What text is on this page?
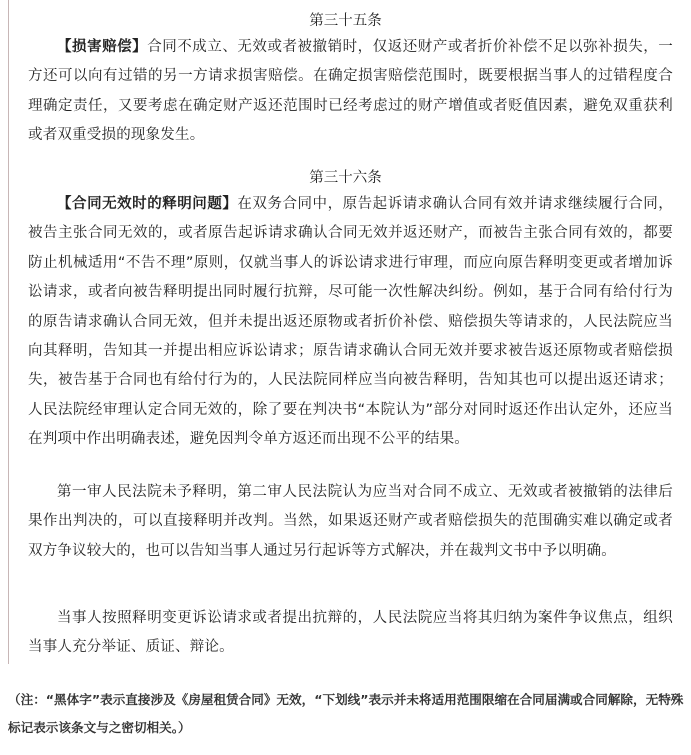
第三十五条

【损害赔偿】合同不成立、无效或者被撤销时，仅返还财产或者折价补偿不足以弥补损失，一方还可以向有过错的另一方请求损害赔偿。在确定损害赔偿范围时，既要根据当事人的过错程度合理确定责任，又要考虑在确定财产返还范围时已经考虑过的财产增值或者贬值因素，避免双重获利或者双重受损的现象发生。

第三十六条

【合同无效时的释明问题】在双务合同中，原告起诉请求确认合同有效并请求继续履行合同，被告主张合同无效的，或者原告起诉请求确认合同无效并返还财产，而被告主张合同有效的，都要防止机械适用“不告不理”原则，仅就当事人的诉讼请求进行审理，而应向原告释明变更或者增加诉讼请求，或者向被告释明提出同时履行抗辩，尽可能一次性解决纠纷。例如，基于合同有给付行为的原告请求确认合同无效，但并未提出返还原物或者折价补偿、赔偿损失等请求的，人民法院应当向其释明，告知其一并提出相应诉讼请求；原告请求确认合同无效并要求被告返还原物或者赔偿损失，被告基于合同也有给付行为的，人民法院同样应当向被告释明，告知其也可以提出返还请求；人民法院经审理认定合同无效的，除了要在判决书“本院认为”部分对同时返还作出认定外，还应当在判项中作出明确表述，避免因判令单方返还而出现不公平的结果。

第一审人民法院未予释明，第二审人民法院认为应当对合同不成立、无效或者被撤销的法律后果作出判决的，可以直接释明并改判。当然，如果返还财产或者赔偿损失的范围确实难以确定或者双方争议较大的，也可以告知当事人通过另行起诉等方式解决，并在裁判文书中予以明确。

当事人按照释明变更诉讼请求或者提出抗辩的，人民法院应当将其归纳为案件争议焦点，组织当事人充分举证、质证、辩论。

（注：“黑体字”表示直接涉及《房屋租赁合同》无效，“下划线”表示并未将适用范围限缩在合同届满或合同解除，无特殊标记表示该条文与之密切相关。）
